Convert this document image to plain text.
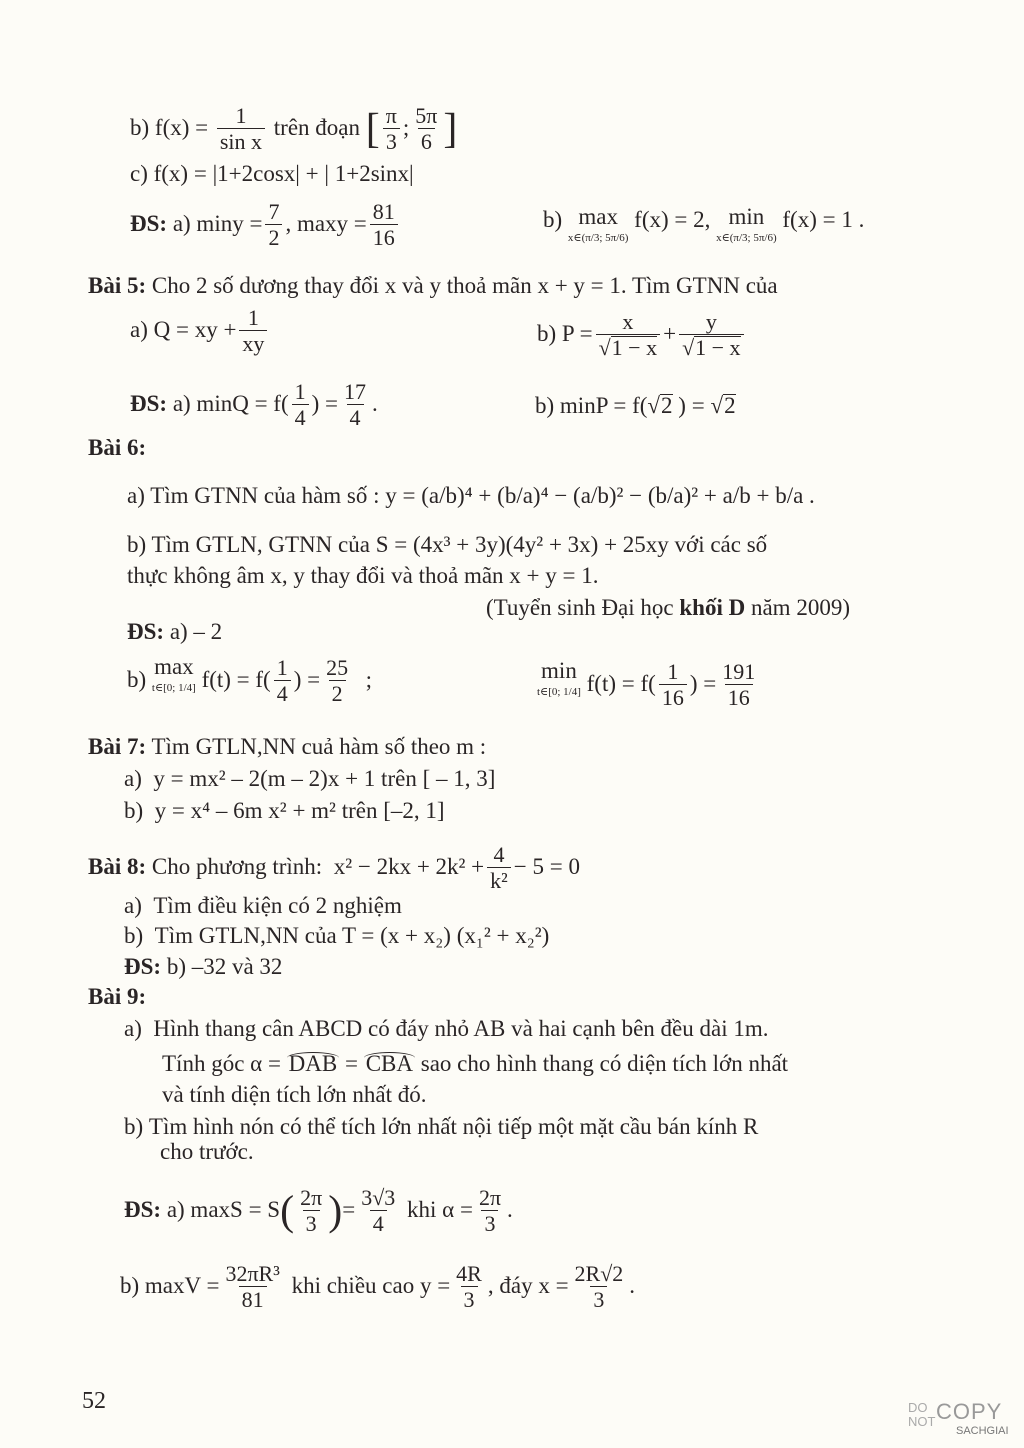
b) $f(x) = \frac{1}{\text{sin x}}$ trên đoạn [ $\frac{\pi}{3}$ ; $\frac{5\pi}{6}$ ]
c) f(x) = |1+2cosx| + | 1+2sinx|
ĐS: a) $\min y = \frac{7}{2}$ , $\max y = \frac{81}{16}$	b) max
x∈(π/3; 5π/6)
f(x) = 2, min
x∈(π/3; 5π/6)
f(x) = 1 .
Bài 5: Cho 2 số dương thay đổi x và y thoả mãn x + y = 1. Tìm GTNN của
a) Q = xy + $\frac{1}{xy}$	b) $P = \frac{x}{√1 - x} + \frac{y}{√1 - x}$
ĐS: a) $\min Q = f( \frac{1}{4}$ ) = $\frac{17}{4}$ .	b) minP = f(√2 ) = √2
Bài 6:
a) Tìm GTNN của hàm số : y = (a/b)⁴ + (b/a)⁴ − (a/b)² − (b/a)² + a/b + b/a .
b) Tìm GTLN, GTNN của S = (4x³ + 3y)(4y² + 3x) + 25xy với các số
thực không âm x, y thay đổi và thoả mãn x + y = 1.
(Tuyển sinh Đại học khối D năm 2009)
ĐS: a) – 2
b)
max
t∈[0; 1/4] $f(t) = f( \frac{1}{4}$ ) = $\frac{25}{2}$ ;	min
t∈[0; 1/4] $f(t) = f( \frac{1}{16}$ ) = $\frac{191}{16}$
Bài 7: Tìm GTLN,NN cuả hàm số theo m :
a) y = mx² – 2(m – 2)x + 1 trên [ – 1, 3]
b) y = x⁴ – 6m x² + m² trên [–2, 1]
Bài 8: Cho phương trình: $x^2 - 2kx + 2k^2 + \frac{4}{\text{k²}} - 5 = 0$
a) Tìm điều kiện có 2 nghiệm
b) Tìm GTLN,NN của T = (x + x₂) (x₁² + x₂²)
ĐS: b) –32 và 32
Bài 9:
a) Hình thang cân ABCD có đáy nhỏ AB và hai cạnh bên đều dài 1m.
Tính góc α = DAB = CBA sao cho hình thang có diện tích lớn nhất
và tính diện tích lớn nhất đó.
b) Tìm hình nón có thể tích lớn nhất nội tiếp một mặt cầu bán kính R
cho trước.
ĐS: a) $\max S = S( \frac{2\pi}{3}$ )= $\frac{3√3}{4}$ khi $\alpha = \frac{2\pi}{3}$ .
b) $\max V = \frac{\text{32πR³}}{81}$ khi chiều cao $y = \frac{4R}{3}$ , đáy $x = \frac{2R√2}{3}$ .
52	DO
NOT COPY
SACHGIAI
